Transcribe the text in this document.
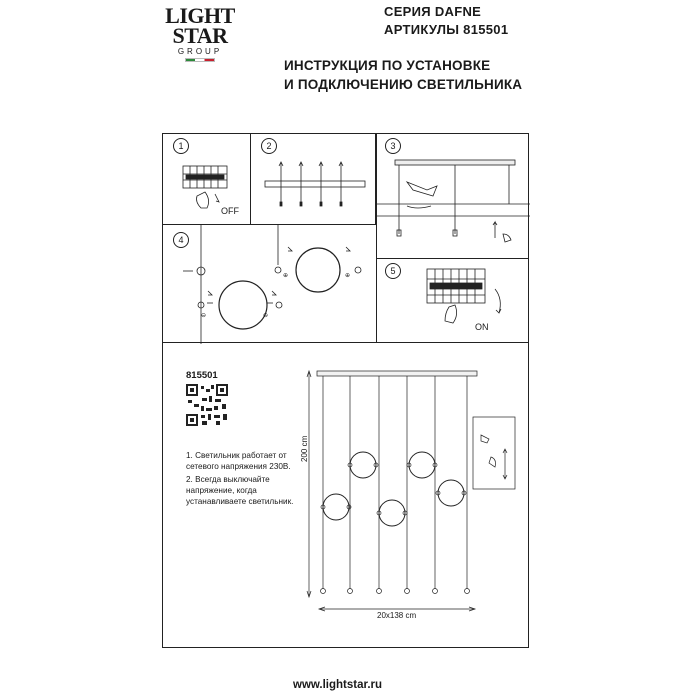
LIGHT
STAR
GROUP
СЕРИЯ DAFNE
АРТИКУЛЫ 815501
ИНСТРУКЦИЯ ПО УСТАНОВКЕ
И ПОДКЛЮЧЕНИЮ СВЕТИЛЬНИКА
1
OFF
2	3
4
⊖	⊖
⊕	⊕	5
ON
815501
1. Светильник работает от сетевого напряжения 230В.
2. Всегда выключайте напряжение, когда устанавливаете светильник.
200 cm
20x138 cm
www.lightstar.ru
